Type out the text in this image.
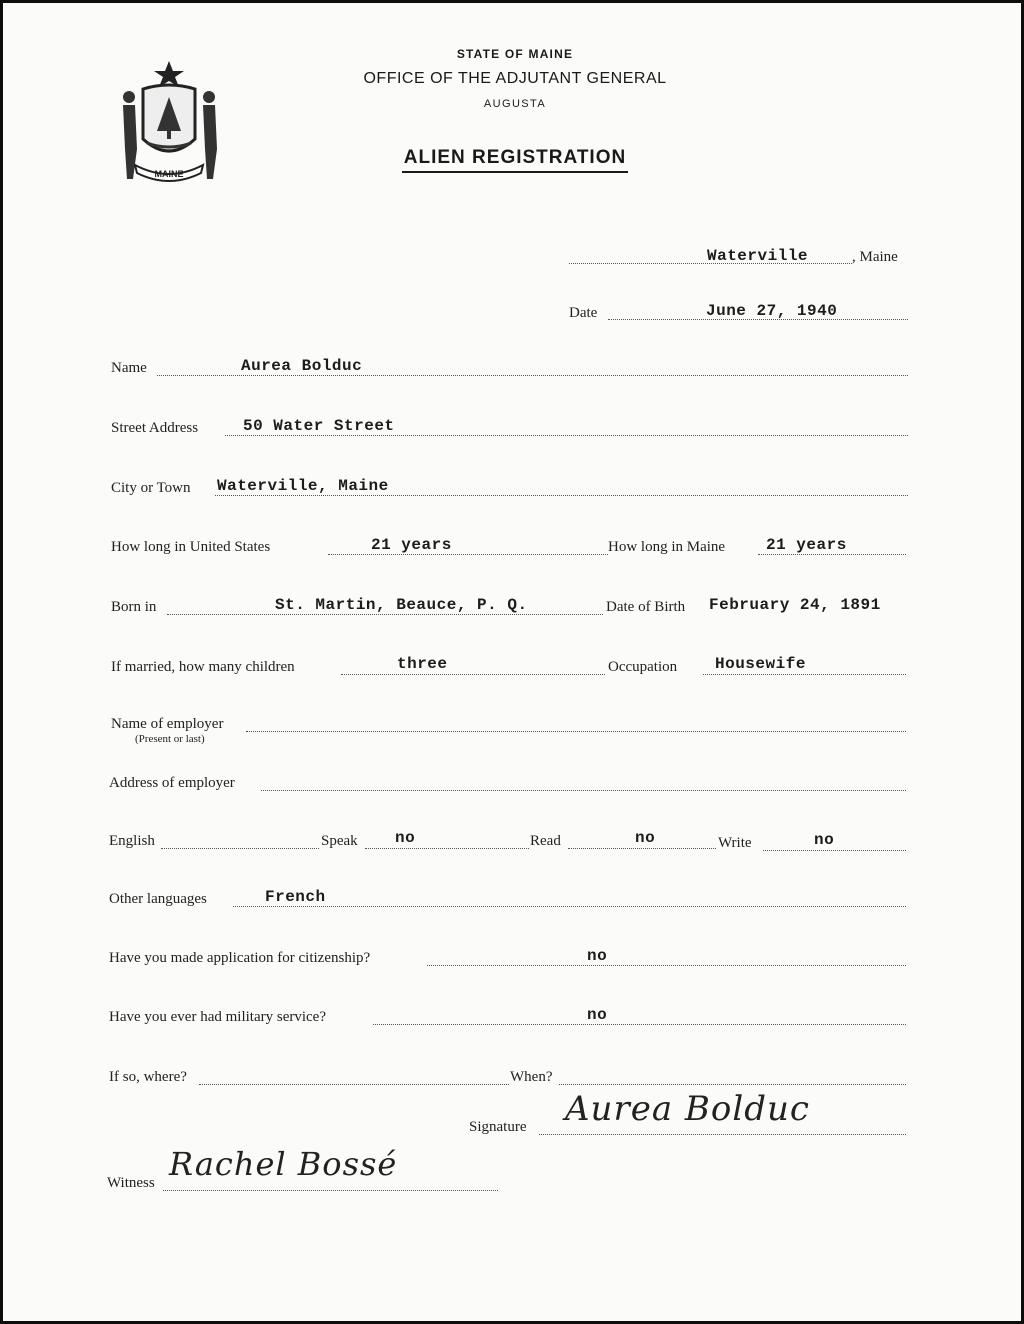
MAINE
STATE OF MAINE
OFFICE OF THE ADJUTANT GENERAL
AUGUSTA
ALIEN REGISTRATION
Waterville	, Maine
Date	June 27, 1940
Name	Aurea Bolduc
Street Address	50 Water Street
City or Town Waterville, Maine
How long in United States	21 years	How long in Maine	21 years
Born in	St. Martin, Beauce, P. Q.	Date of Birth February 24, 1891
If married, how many children	three	Occupation Housewife
Name of employer
(Present or last)
Address of employer
English	Speak no	Read	no	Write	no
Other languages	French
Have you made application for citizenship?	no
Have you ever had military service?	no
If so, where?	When?
Signature Aurea Bolduc
Witness Rachel Bossé
